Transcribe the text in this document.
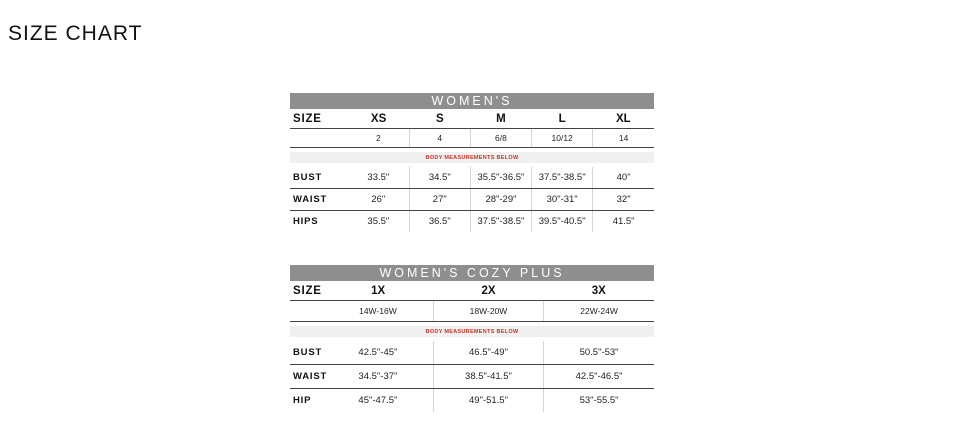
SIZE CHART
WOMEN'S
SIZE	XS	S	M	L	XL
	2	4	6/8	10/12	14

BODY MEASUREMENTS BELOW					

BUST	33.5"	34.5"	35.5"-36.5"	37.5"-38.5"	40"
WAIST	26"	27"	28"-29"	30"-31"	32"
HIPS	35.5"	36.5"	37.5"-38.5"	39.5"-40.5"	41.5"
WOMEN'S COZY PLUS
SIZE	1X	2X	3X
	14W-16W	18W-20W	22W-24W

BODY MEASUREMENTS BELOW			

BUST	42.5"-45"	46.5"-49"	50.5"-53"
WAIST	34.5"-37"	38.5"-41.5"	42.5"-46.5"
HIP	45"-47.5"	49"-51.5"	53"-55.5"
